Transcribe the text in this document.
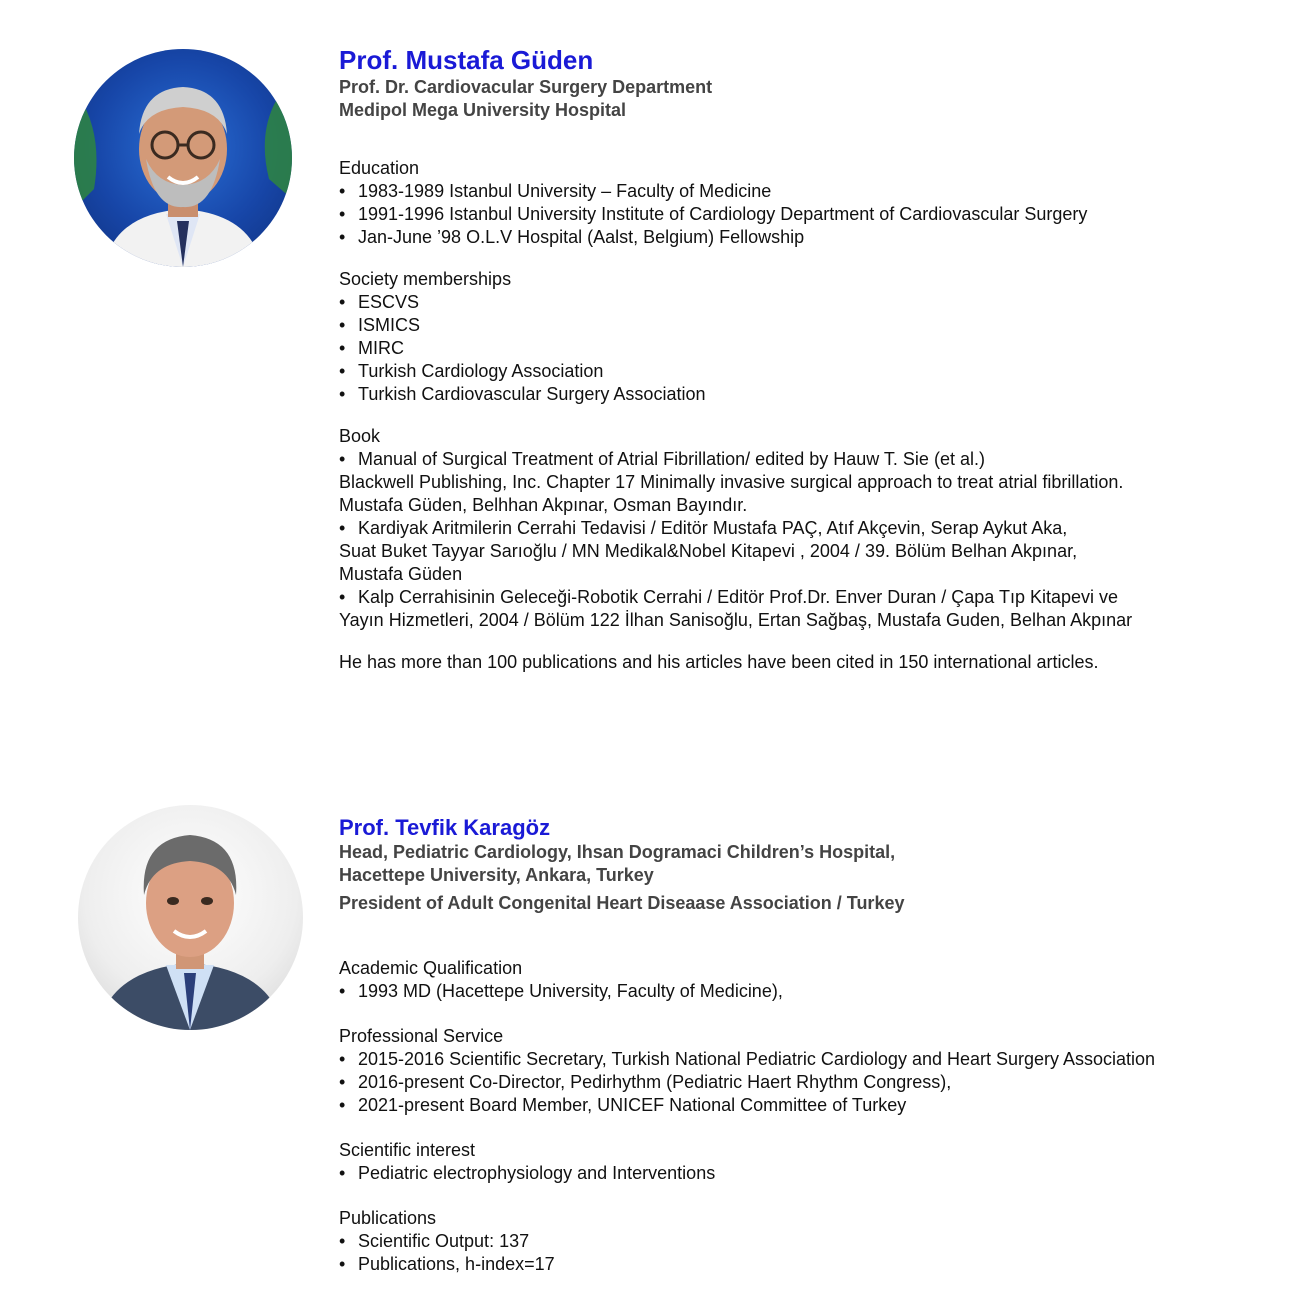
Prof. Mustafa Güden

Prof. Dr. Cardiovacular Surgery Department

Medipol Mega University Hospital

Education

• 1983-1989 Istanbul University – Faculty of Medicine
• 1991-1996 Istanbul University Institute of Cardiology Department of Cardiovascular Surgery
• Jan-June ’98 O.L.V Hospital (Aalst, Belgium) Fellowship

Society memberships

• ESCVS
• ISMICS
• MIRC
• Turkish Cardiology Association
• Turkish Cardiovascular Surgery Association

Book

• Manual of Surgical Treatment of Atrial Fibrillation/ edited by Hauw T. Sie (et al.)

Blackwell Publishing, Inc. Chapter 17 Minimally invasive surgical approach to treat atrial fibrillation.

Mustafa Güden, Belhhan Akpınar, Osman Bayındır.

• Kardiyak Aritmilerin Cerrahi Tedavisi / Editör Mustafa PAÇ, Atıf Akçevin, Serap Aykut Aka,

Suat Buket Tayyar Sarıoğlu / MN Medikal&Nobel Kitapevi , 2004 / 39. Bölüm Belhan Akpınar,

Mustafa Güden

• Kalp Cerrahisinin Geleceği-Robotik Cerrahi / Editör Prof.Dr. Enver Duran / Çapa Tıp Kitapevi ve

Yayın Hizmetleri, 2004 / Bölüm 122 İlhan Sanisoğlu, Ertan Sağbaş, Mustafa Guden, Belhan Akpınar

He has more than 100 publications and his articles have been cited in 150 international articles.

Prof. Tevfik Karagöz

Head, Pediatric Cardiology, Ihsan Dogramaci Children’s Hospital,

Hacettepe University, Ankara, Turkey

President of Adult Congenital Heart Diseaase Association / Turkey

Academic Qualification

• 1993 MD (Hacettepe University, Faculty of Medicine),

Professional Service

• 2015-2016 Scientific Secretary, Turkish National Pediatric Cardiology and Heart Surgery Association
• 2016-present Co-Director, Pedirhythm (Pediatric Haert Rhythm Congress),
• 2021-present Board Member, UNICEF National Committee of Turkey

Scientific interest

• Pediatric electrophysiology and Interventions

Publications

• Scientific Output: 137
• Publications, h-index=17
